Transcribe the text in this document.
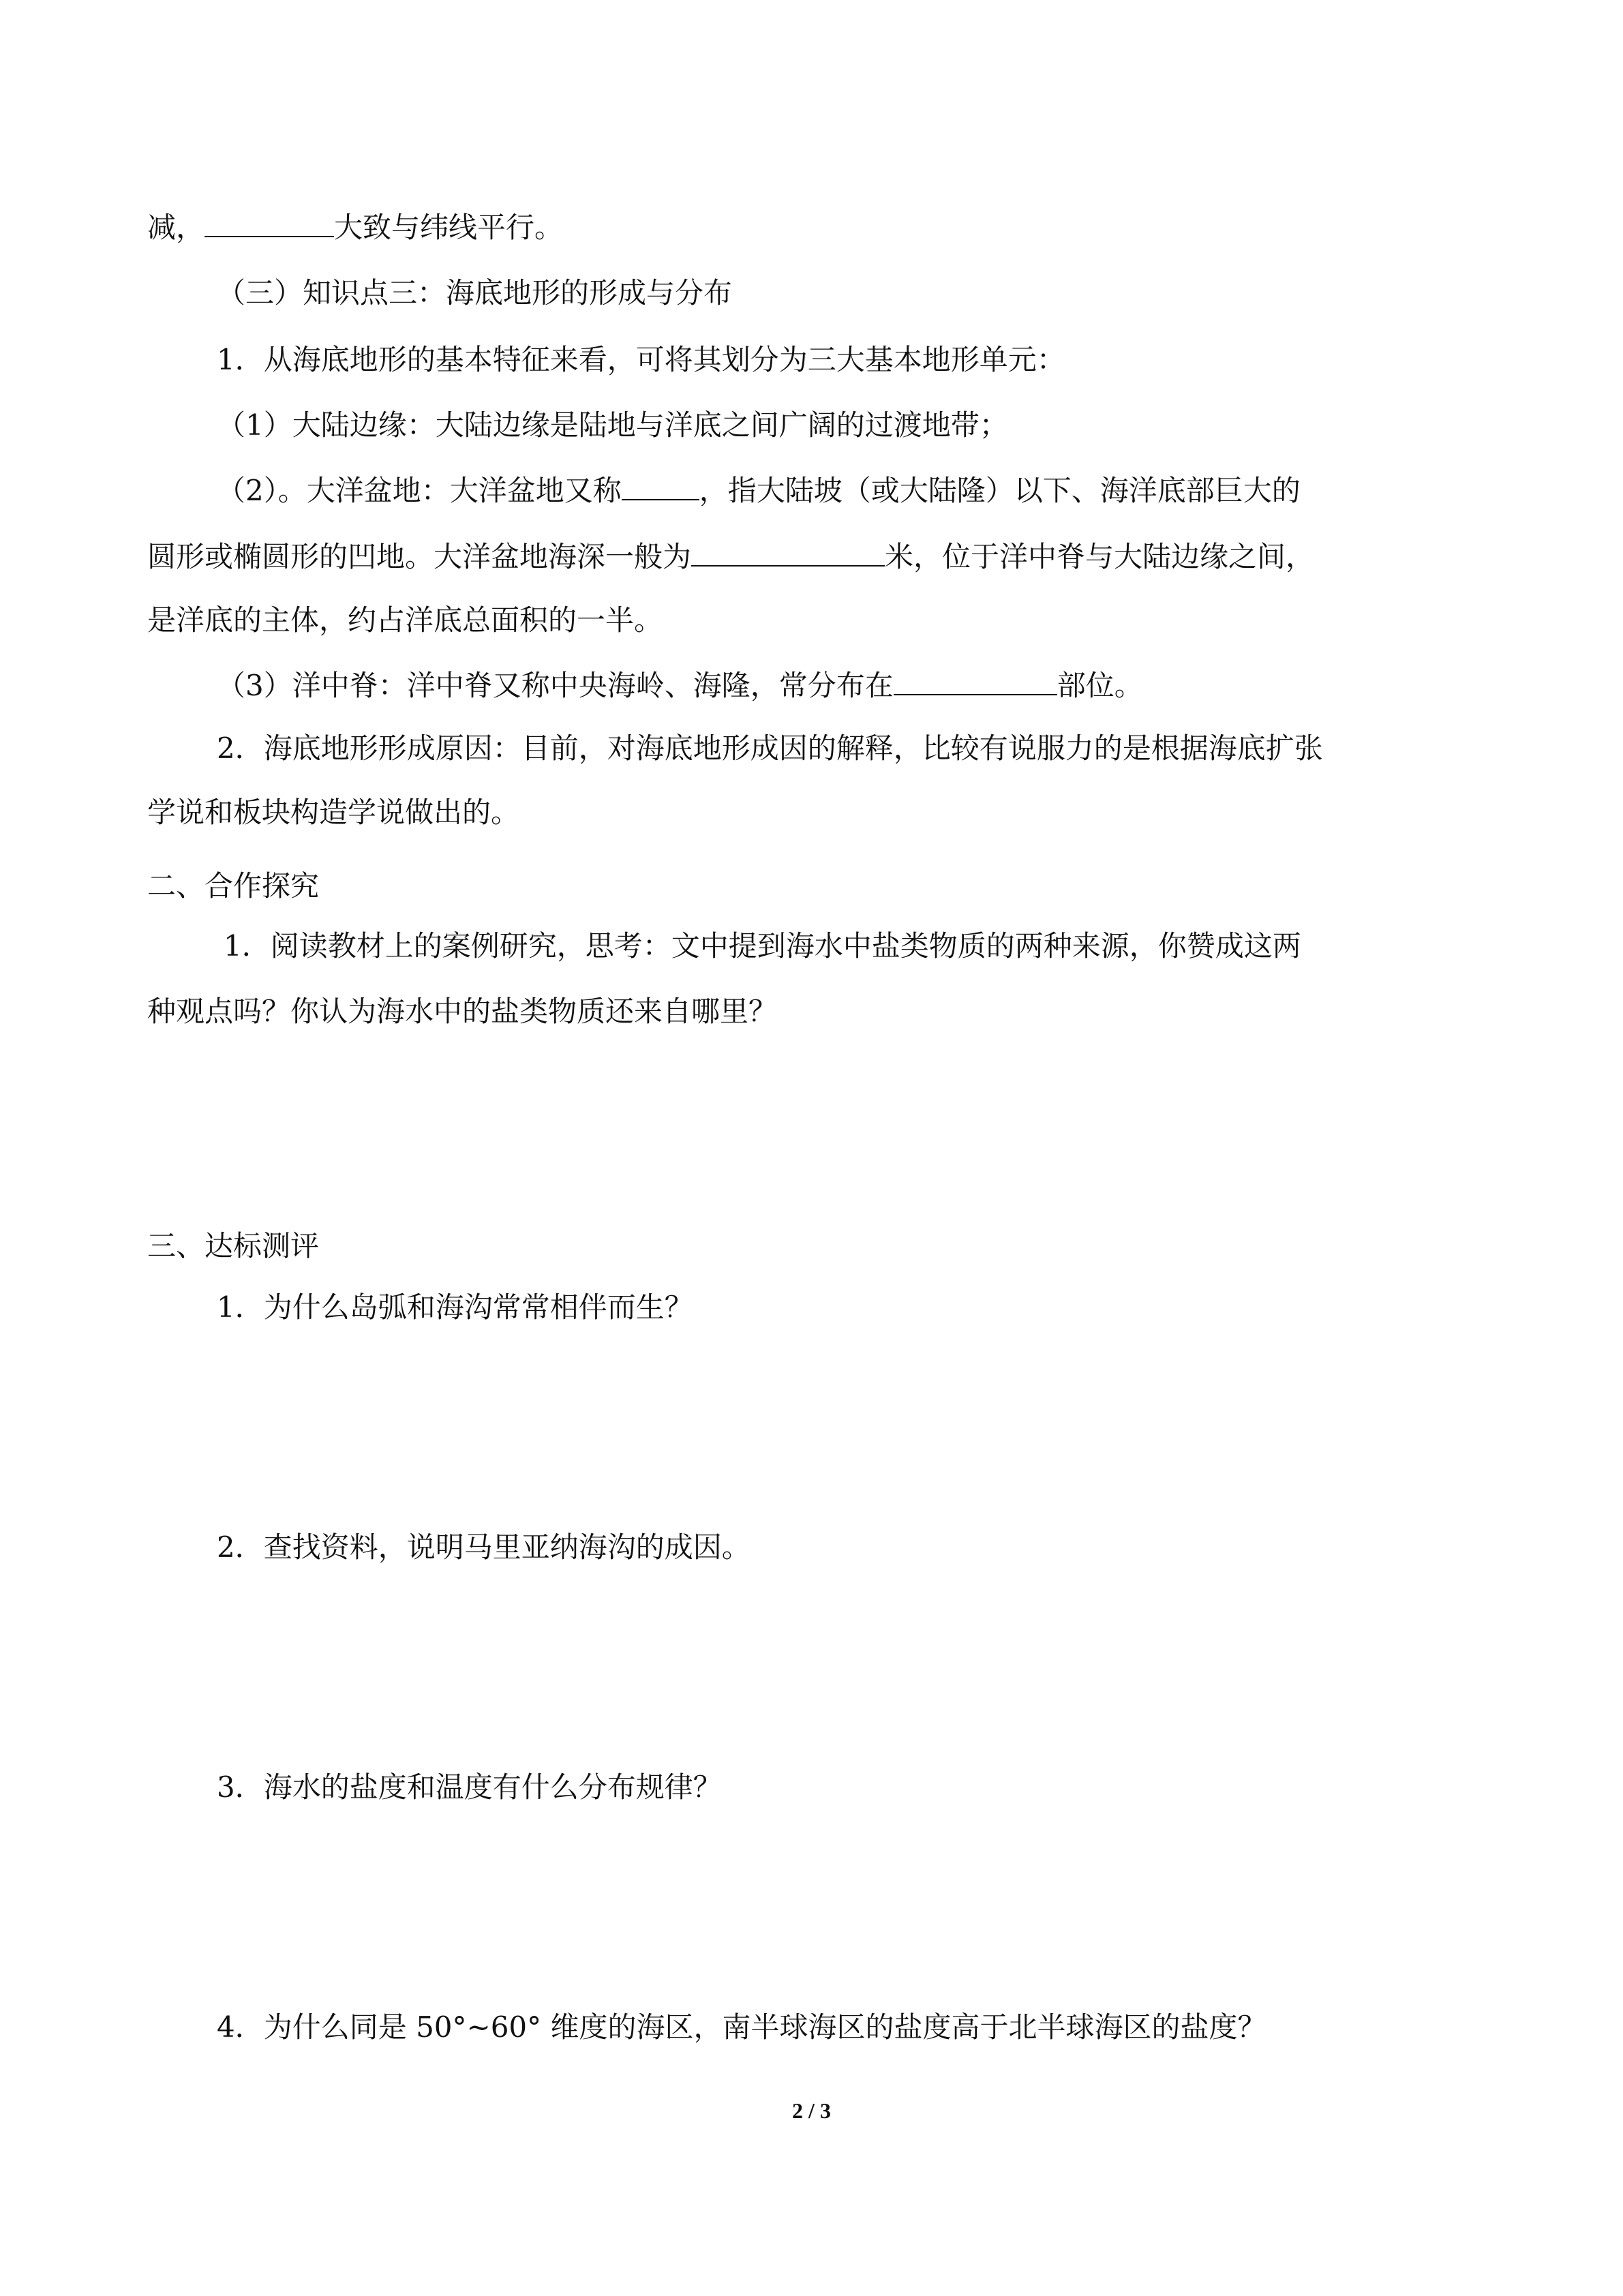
减，	大致与纬线平行。
（三）知识点三：海底地形的形成与分布
1．从海底地形的基本特征来看，可将其划分为三大基本地形单元：
（1）大陆边缘：大陆边缘是陆地与洋底之间广阔的过渡地带；
（2）。大洋盆地：大洋盆地又称	，指大陆坡（或大陆隆）以下、海洋底部巨大的
圆形或椭圆形的凹地。大洋盆地海深一般为	米，位于洋中脊与大陆边缘之间，
是洋底的主体，约占洋底总面积的一半。
（3）洋中脊：洋中脊又称中央海岭、海隆，常分布在	部位。
2．海底地形形成原因：目前，对海底地形成因的解释，比较有说服力的是根据海底扩张
学说和板块构造学说做出的。
二、合作探究
1．阅读教材上的案例研究，思考：文中提到海水中盐类物质的两种来源，你赞成这两
种观点吗？你认为海水中的盐类物质还来自哪里？
三、达标测评
1．为什么岛弧和海沟常常相伴而生？
2．查找资料，说明马里亚纳海沟的成因。
3．海水的盐度和温度有什么分布规律？
4．为什么同是 50°~60° 维度的海区，南半球海区的盐度高于北半球海区的盐度？
2 / 3
